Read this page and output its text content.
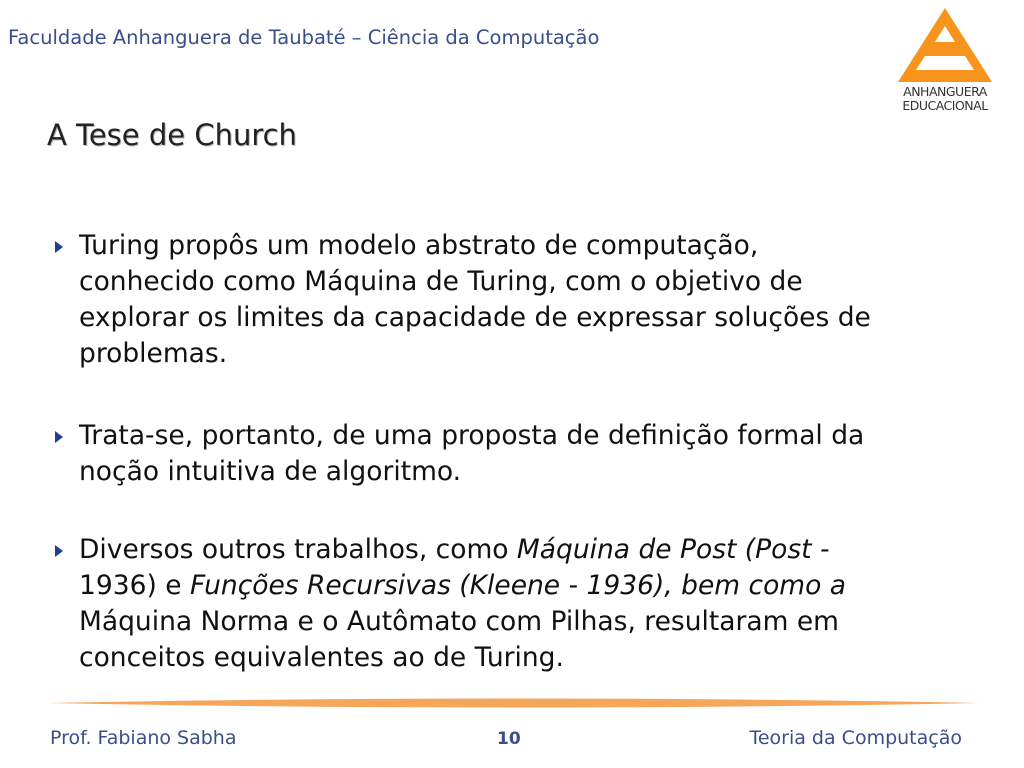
Faculdade Anhanguera de Taubaté – Ciência da Computação
ANHANGUERA
EDUCACIONAL
A Tese de Church
Turing propôs um modelo abstrato de computação,
conhecido como Máquina de Turing, com o objetivo de
explorar os limites da capacidade de expressar soluções de
problemas.
Trata-se, portanto, de uma proposta de definição formal da
noção intuitiva de algoritmo.
Diversos outros trabalhos, como Máquina de Post (Post -
1936) e Funções Recursivas (Kleene - 1936), bem como a
Máquina Norma e o Autômato com Pilhas, resultaram em
conceitos equivalentes ao de Turing.
Prof. Fabiano Sabha	10	Teoria da Computação
